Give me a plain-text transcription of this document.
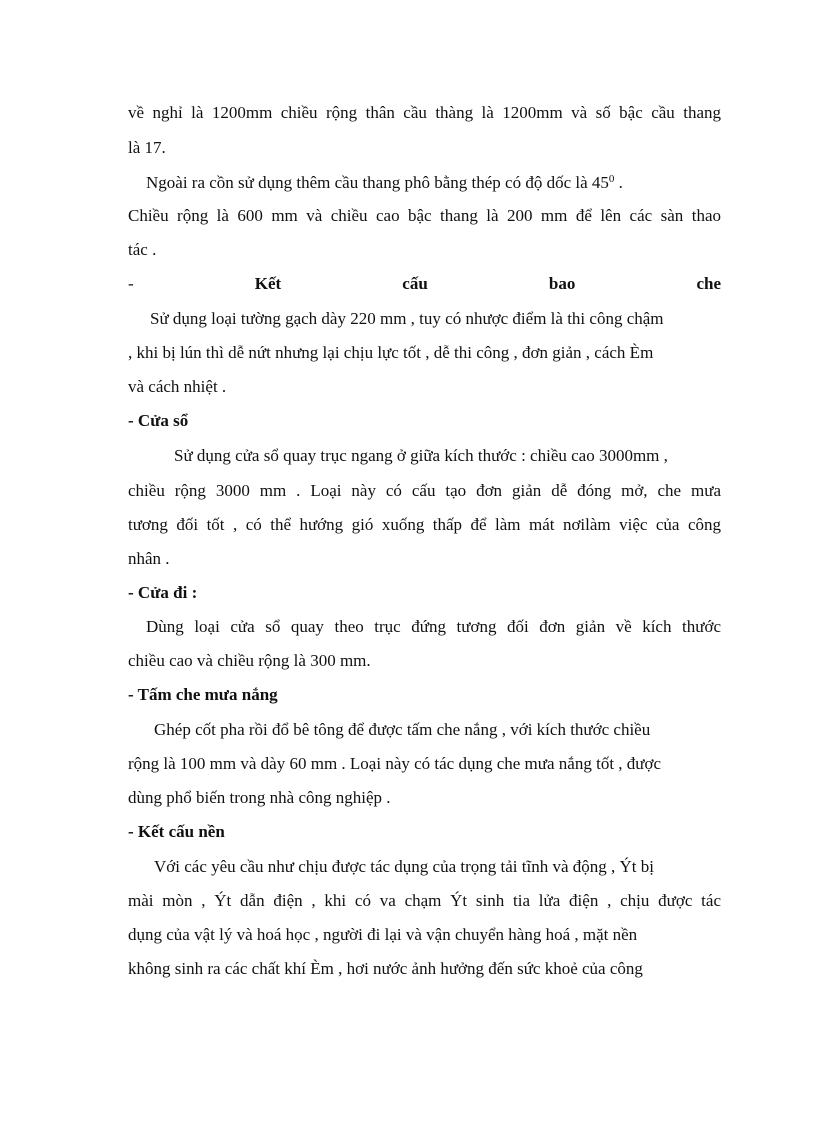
về nghỉ là 1200mm chiều rộng thân cầu thàng là 1200mm và số bậc cầu thang
là 17.
Ngoài ra cồn sử dụng thêm cầu thang phô bằng thép có độ dốc là $45^0$ .
Chiều rộng là 600 mm và chiều cao bậc thang là 200 mm để lên các sàn thao
tác .
-	Kết	cấu	bao	che
Sử dụng loại tường gạch dày 220 mm , tuy có nhược điểm là thi công chậm
, khi bị lún thì dễ nứt nhưng lại chịu lực tốt , dễ thi công , đơn giản , cách Èm
và cách nhiệt .
- Cửa sổ
Sử dụng cửa sổ quay trục ngang ở giữa kích thước : chiều cao 3000mm ,
chiều rộng 3000 mm . Loại này có cấu tạo đơn giản dễ đóng mở, che mưa
tương đối tốt , có thể hướng gió xuống thấp để làm mát nơilàm việc của công
nhân .
- Cửa đi :
Dùng loại cửa sổ quay theo trục đứng tương đối đơn giản về kích thước
chiều cao và chiều rộng là 300 mm.
- Tấm che mưa nắng
Ghép cốt pha rồi đổ bê tông để được tấm che nắng , với kích thước chiều
rộng là 100 mm và dày 60 mm . Loại này có tác dụng che mưa nắng tốt , được
dùng phổ biến trong nhà công nghiệp .
- Kết cấu nền
Với các yêu cầu như chịu được tác dụng của trọng tải tĩnh và động , Ýt bị
mài mòn , Ýt dẫn điện , khi có va chạm Ýt sinh tia lửa điện , chịu được tác
dụng của vật lý và hoá học , người đi lại và vận chuyển hàng hoá , mặt nền
không sinh ra các chất khí Èm , hơi nước ảnh hưởng đến sức khoẻ của công
